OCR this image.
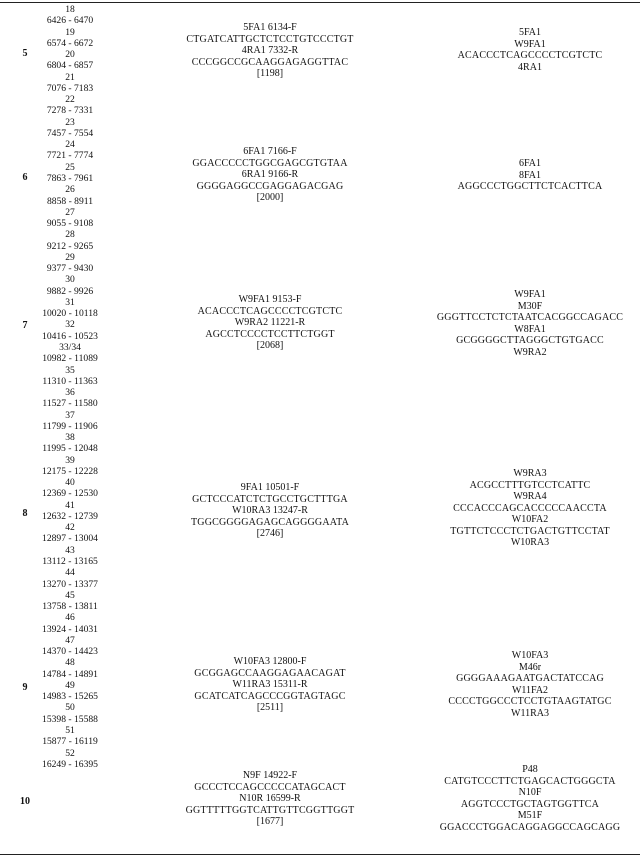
18
6426 - 6470
19
6574 - 6672
20
6804 - 6857
21
7076 - 7183
22
7278 - 7331
23
7457 - 7554
24
7721 - 7774
25
7863 - 7961
26
8858 - 8911
27
9055 - 9108
28
9212 - 9265
29
9377 - 9430
30
9882 - 9926
31
10020 - 10118
32
10416 - 10523
33/34
10982 - 11089
35
11310 - 11363
36
11527 - 11580
37
11799 - 11906
38
11995 - 12048
39
12175 - 12228
40
12369 - 12530
41
12632 - 12739
42
12897 - 13004
43
13112 - 13165
44
13270 - 13377
45
13758 - 13811
46
13924 - 14031
47
14370 - 14423
48
14784 - 14891
49
14983 - 15265
50
15398 - 15588
51
15877 - 16119
52
16249 - 16395
5
5FA1 6134-F
CTGATCATTGCTCTCCTGTCCCTGT
4RA1 7332-R
CCCGGCCGCAAGGAGAGGTTAC
[1198]
5FA1
W9FA1
ACACCCTCAGCCCCTCGTCTC
4RA1
6
6FA1 7166-F
GGACCCCCTGGCGAGCGTGTAA
6RA1 9166-R
GGGGAGGCCGAGGAGACGAG
[2000]
6FA1
8FA1
AGGCCCTGGCTTCTCACTTCA
7
W9FA1 9153-F
ACACCCTCAGCCCCTCGTCTC
W9RA2 11221-R
AGCCTCCCCTCCTTCTGGT
[2068]
W9FA1
M30F
GGGTTCCTCTCTAATCACGGCCAGACC
W8FA1
GCGGGGCTTAGGGCTGTGACC
W9RA2
8
9FA1 10501-F
GCTCCCATCTCTGCCTGCTTTGA
W10RA3 13247-R
TGGCGGGGAGAGCAGGGGAATA
[2746]
W9RA3
ACGCCTTTGTCCTCATTC
W9RA4
CCCACCCAGCACCCCCAACCTA
W10FA2
TGTTCTCCCTCTGACTGTTCCTAT
W10RA3
9
W10FA3 12800-F
GCGGAGCCAAGGAGAACAGAT
W11RA3 15311-R
GCATCATCAGCCCGGTAGTAGC
[2511]
W10FA3
M46r
GGGGAAAGAATGACTATCCAG
W11FA2
CCCCTGGCCCTCCTGTAAGTATGC
W11RA3
10
N9F 14922-F
GCCCTCCAGCCCCCATAGCACT
N10R 16599-R
GGTTTTTGGTCATTGTTCGGTTGGT
[1677]
P48
CATGTCCCTTCTGAGCACTGGGCTA
N10F
AGGTCCCTGCTAGTGGTTCA
M51F
GGACCCTGGACAGGAGGCCAGCAGG
